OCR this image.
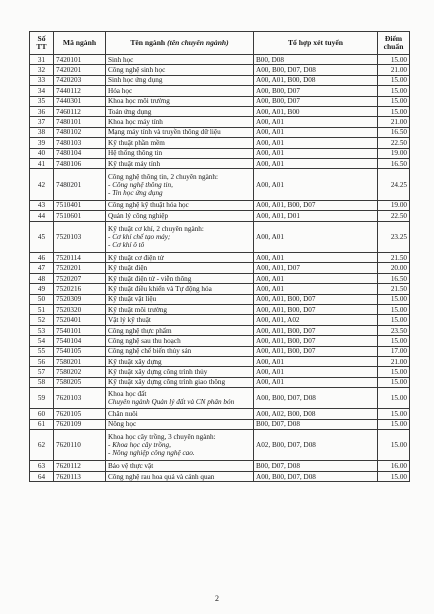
Số TT	Mã ngành	Tên ngành (tên chuyên ngành)	Tổ hợp xét tuyển	Điểm chuẩn
31	7420101	Sinh học	B00, D08	15.00
32	7420201	Công nghệ sinh học	A00, B00, D07, D08	21.00
33	7420203	Sinh học ứng dụng	A00, A01, B00, D08	15.00
34	7440112	Hóa học	A00, B00, D07	15.00
35	7440301	Khoa học môi trường	A00, B00, D07	15.00
36	7460112	Toán ứng dụng	A00, A01, B00	15.00
37	7480101	Khoa học máy tính	A00, A01	21.00
38	7480102	Mạng máy tính và truyền thông dữ liệu	A00, A01	16.50
39	7480103	Kỹ thuật phần mềm	A00, A01	22.50
40	7480104	Hệ thống thông tin	A00, A01	19.00
41	7480106	Kỹ thuật máy tính	A00, A01	16.50
42	7480201	Công nghệ thông tin, 2 chuyên ngành:
- Công nghệ thông tin,
- Tin học ứng dụng	A00, A01	24.25
43	7510401	Công nghệ kỹ thuật hóa học	A00, A01, B00, D07	19.00
44	7510601	Quản lý công nghiệp	A00, A01, D01	22.50
45	7520103	Kỹ thuật cơ khí, 2 chuyên ngành:
- Cơ khí chế tạo máy;
- Cơ khí ô tô	A00, A01	23.25
46	7520114	Kỹ thuật cơ điện tử	A00, A01	21.50
47	7520201	Kỹ thuật điện	A00, A01, D07	20.00
48	7520207	Kỹ thuật điện tử - viễn thông	A00, A01	16.50
49	7520216	Kỹ thuật điều khiển và Tự động hóa	A00, A01	21.50
50	7520309	Kỹ thuật vật liệu	A00, A01, B00, D07	15.00
51	7520320	Kỹ thuật môi trường	A00, A01, B00, D07	15.00
52	7520401	Vật lý kỹ thuật	A00, A01, A02	15.00
53	7540101	Công nghệ thực phẩm	A00, A01, B00, D07	23.50
54	7540104	Công nghệ sau thu hoạch	A00, A01, B00, D07	15.00
55	7540105	Công nghệ chế biến thủy sản	A00, A01, B00, D07	17.00
56	7580201	Kỹ thuật xây dựng	A00, A01	21.00
57	7580202	Kỹ thuật xây dựng công trình thủy	A00, A01	15.00
58	7580205	Kỹ thuật xây dựng công trình giao thông	A00, A01	15.00
59	7620103	Khoa học đất
Chuyên ngành Quản lý đất và CN phân bón	A00, B00, D07, D08	15.00
60	7620105	Chăn nuôi	A00, A02, B00, D08	15.00
61	7620109	Nông học	B00, D07, D08	15.00
62	7620110	Khoa học cây trồng, 3 chuyên ngành:
- Khoa học cây trồng,
- Nông nghiệp công nghệ cao.	A02, B00, D07, D08	15.00
63	7620112	Bảo vệ thực vật	B00, D07, D08	16.00
64	7620113	Công nghệ rau hoa quả và cảnh quan	A00, B00, D07, D08	15.00
2
